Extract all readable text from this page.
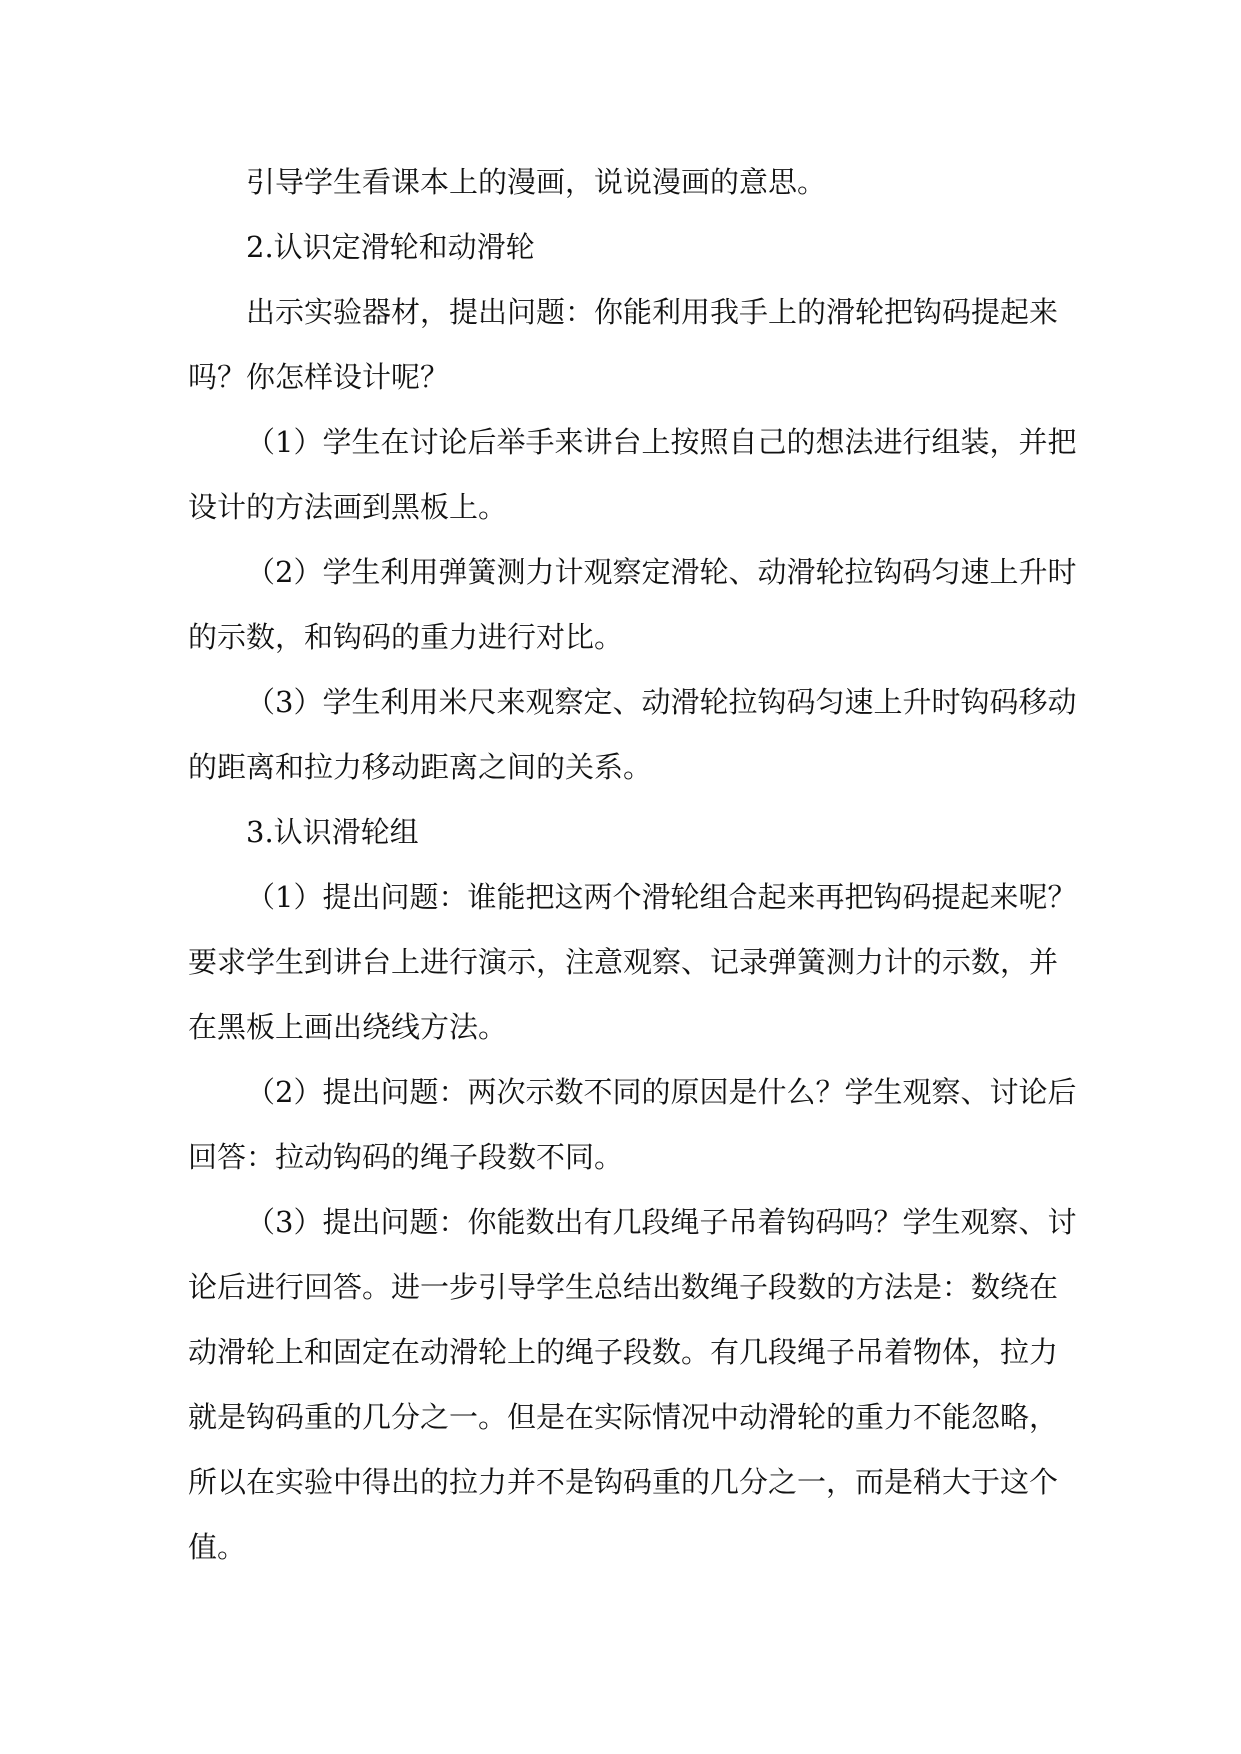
引导学生看课本上的漫画，说说漫画的意思。
2.认识定滑轮和动滑轮
出示实验器材，提出问题：你能利用我手上的滑轮把钩码提起来
吗？你怎样设计呢？
（1）学生在讨论后举手来讲台上按照自己的想法进行组装，并把
设计的方法画到黑板上。
（2）学生利用弹簧测力计观察定滑轮、动滑轮拉钩码匀速上升时
的示数，和钩码的重力进行对比。
（3）学生利用米尺来观察定、动滑轮拉钩码匀速上升时钩码移动
的距离和拉力移动距离之间的关系。
3.认识滑轮组
（1）提出问题：谁能把这两个滑轮组合起来再把钩码提起来呢？
要求学生到讲台上进行演示，注意观察、记录弹簧测力计的示数，并
在黑板上画出绕线方法。
（2）提出问题：两次示数不同的原因是什么？学生观察、讨论后
回答：拉动钩码的绳子段数不同。
（3）提出问题：你能数出有几段绳子吊着钩码吗？学生观察、讨
论后进行回答。进一步引导学生总结出数绳子段数的方法是：数绕在
动滑轮上和固定在动滑轮上的绳子段数。有几段绳子吊着物体，拉力
就是钩码重的几分之一。但是在实际情况中动滑轮的重力不能忽略，
所以在实验中得出的拉力并不是钩码重的几分之一，而是稍大于这个
值。
